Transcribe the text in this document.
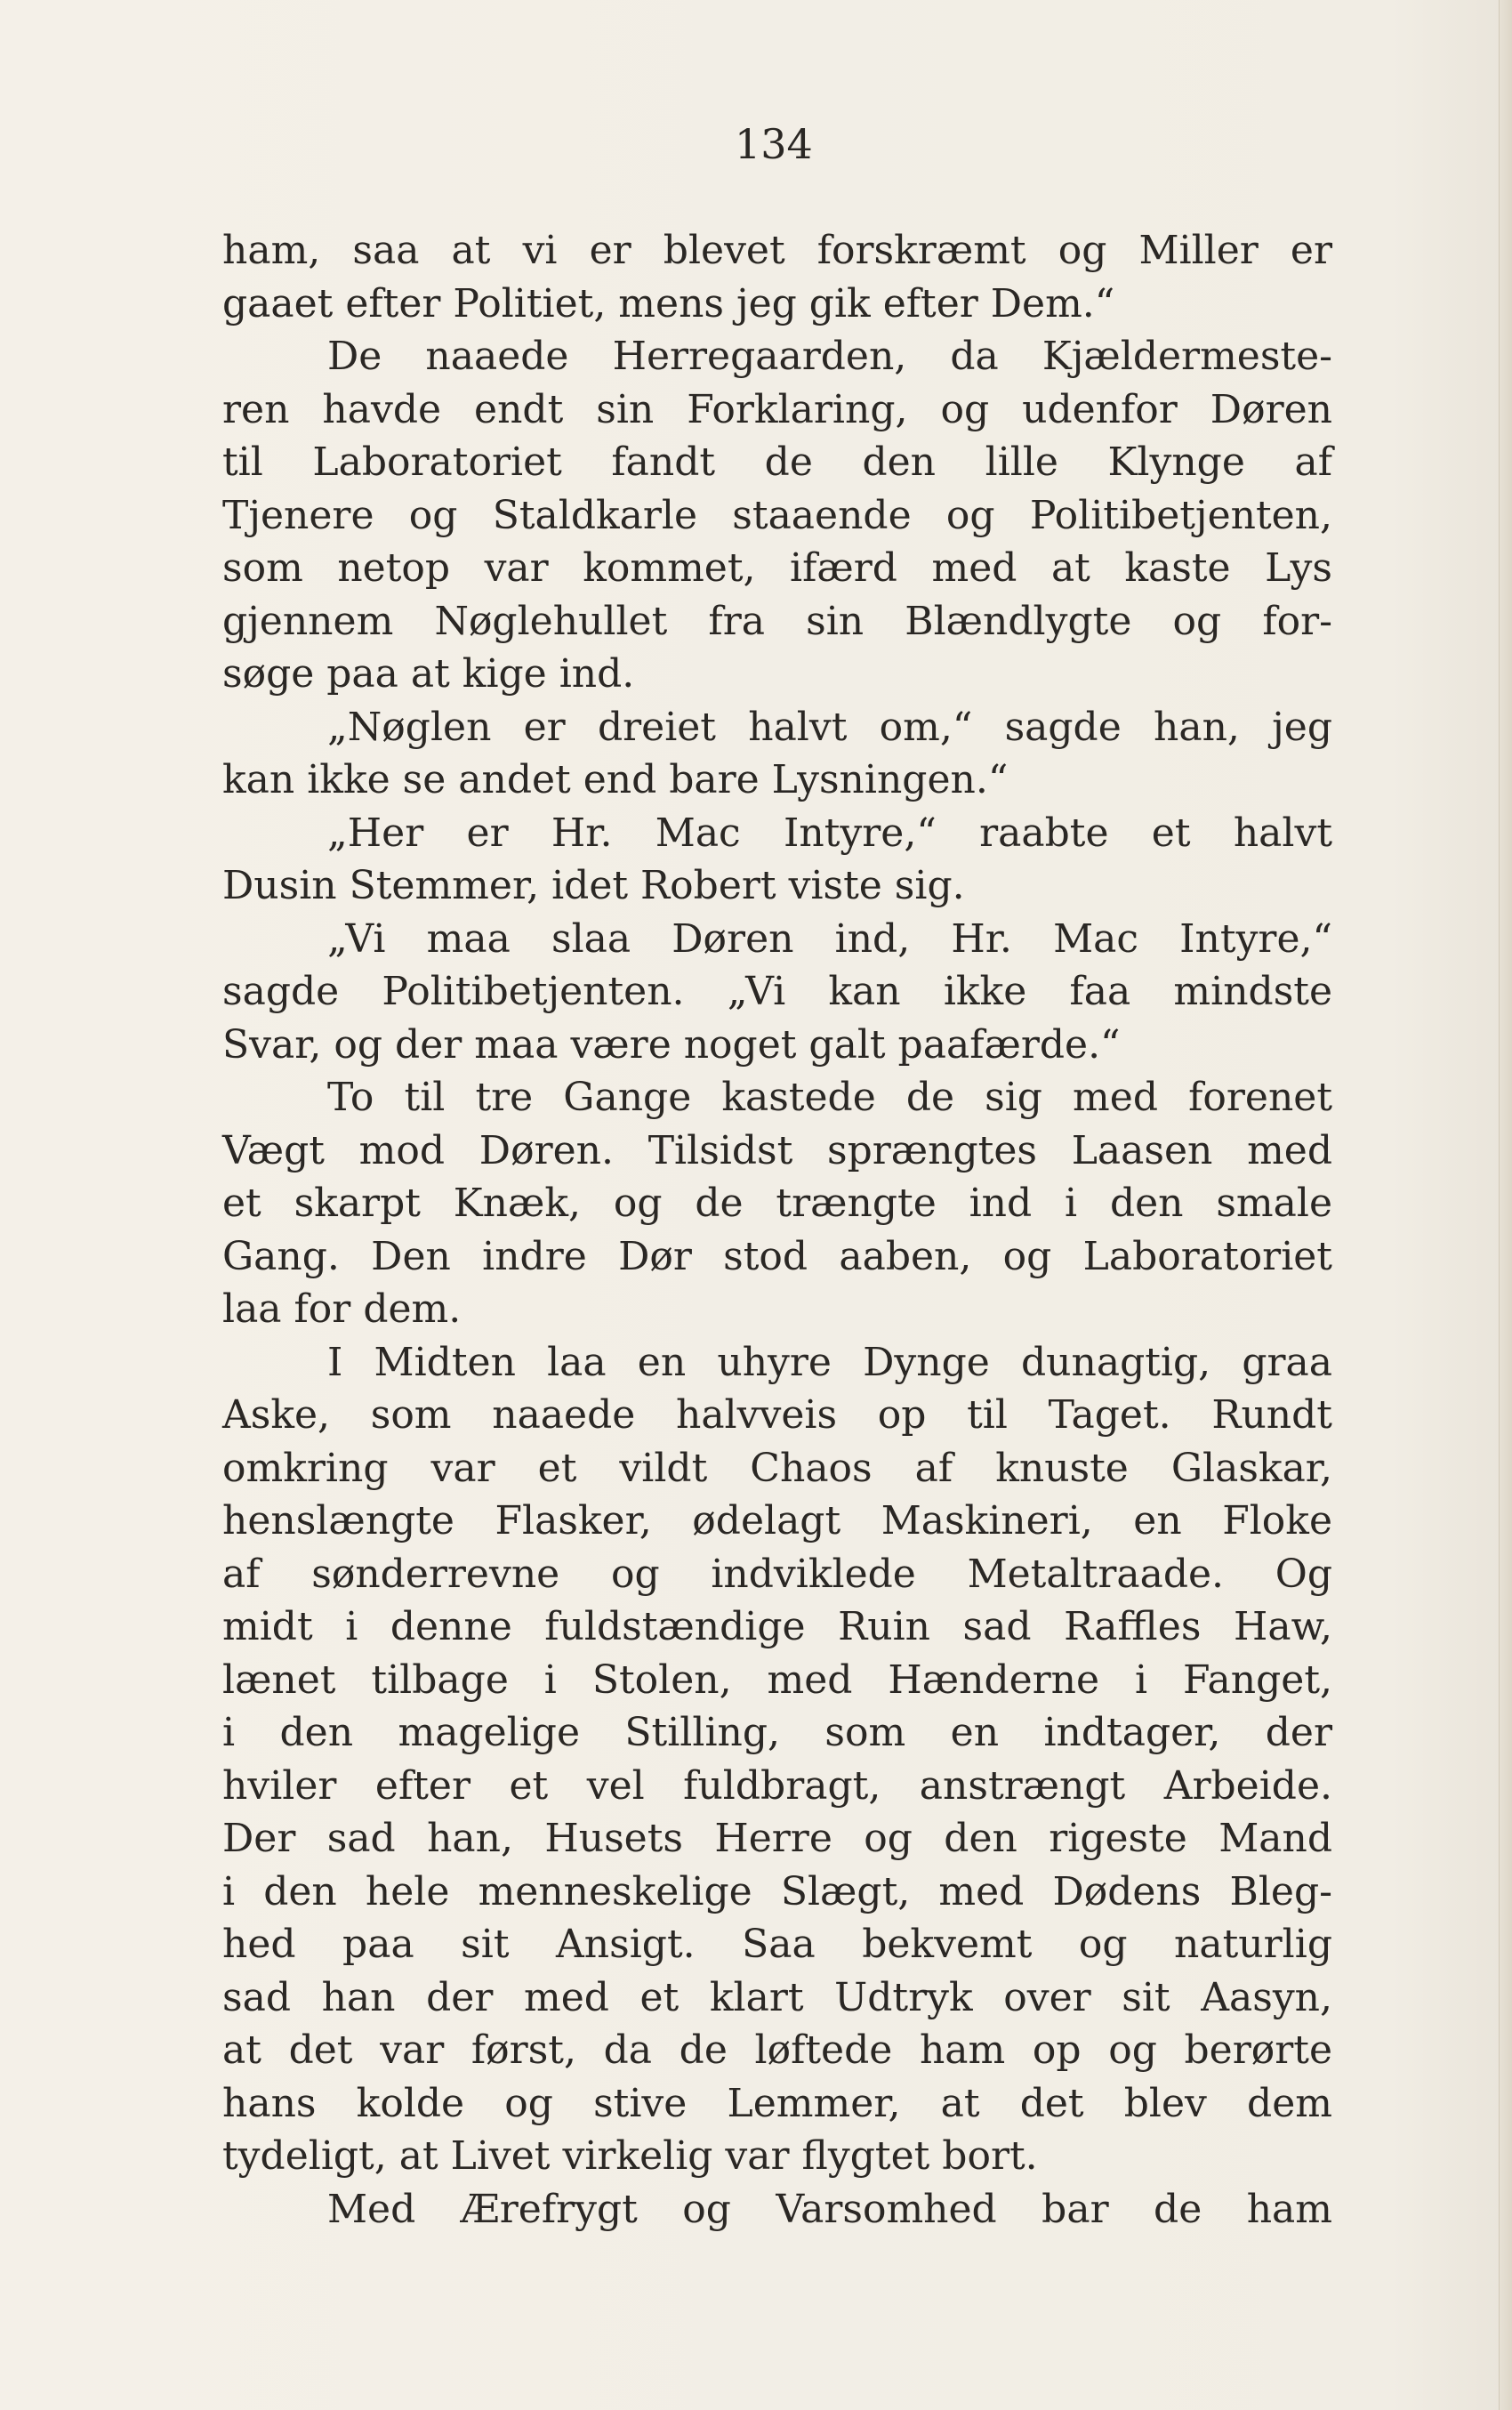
134
ham, saa at vi er blevet forskræmt og Miller er
gaaet efter Politiet, mens jeg gik efter Dem.“
De naaede Herregaarden, da Kjældermeste-
ren havde endt sin Forklaring, og udenfor Døren
til Laboratoriet fandt de den lille Klynge af
Tjenere og Staldkarle staaende og Politibetjenten,
som netop var kommet, ifærd med at kaste Lys
gjennem Nøglehullet fra sin Blændlygte og for-
søge paa at kige ind.
„Nøglen er dreiet halvt om,“ sagde han, jeg
kan ikke se andet end bare Lysningen.“
„Her er Hr. Mac Intyre,“ raabte et halvt
Dusin Stemmer, idet Robert viste sig.
„Vi maa slaa Døren ind, Hr. Mac Intyre,“
sagde Politibetjenten. „Vi kan ikke faa mindste
Svar, og der maa være noget galt paafærde.“
To til tre Gange kastede de sig med forenet
Vægt mod Døren. Tilsidst sprængtes Laasen med
et skarpt Knæk, og de trængte ind i den smale
Gang. Den indre Dør stod aaben, og Laboratoriet
laa for dem.
I Midten laa en uhyre Dynge dunagtig, graa
Aske, som naaede halvveis op til Taget. Rundt
omkring var et vildt Chaos af knuste Glaskar,
henslængte Flasker, ødelagt Maskineri, en Floke
af sønderrevne og indviklede Metaltraade. Og
midt i denne fuldstændige Ruin sad Raffles Haw,
lænet tilbage i Stolen, med Hænderne i Fanget,
i den magelige Stilling, som en indtager, der
hviler efter et vel fuldbragt, anstrængt Arbeide.
Der sad han, Husets Herre og den rigeste Mand
i den hele menneskelige Slægt, med Dødens Bleg-
hed paa sit Ansigt. Saa bekvemt og naturlig
sad han der med et klart Udtryk over sit Aasyn,
at det var først, da de løftede ham op og berørte
hans kolde og stive Lemmer, at det blev dem
tydeligt, at Livet virkelig var flygtet bort.
Med Ærefrygt og Varsomhed bar de ham
